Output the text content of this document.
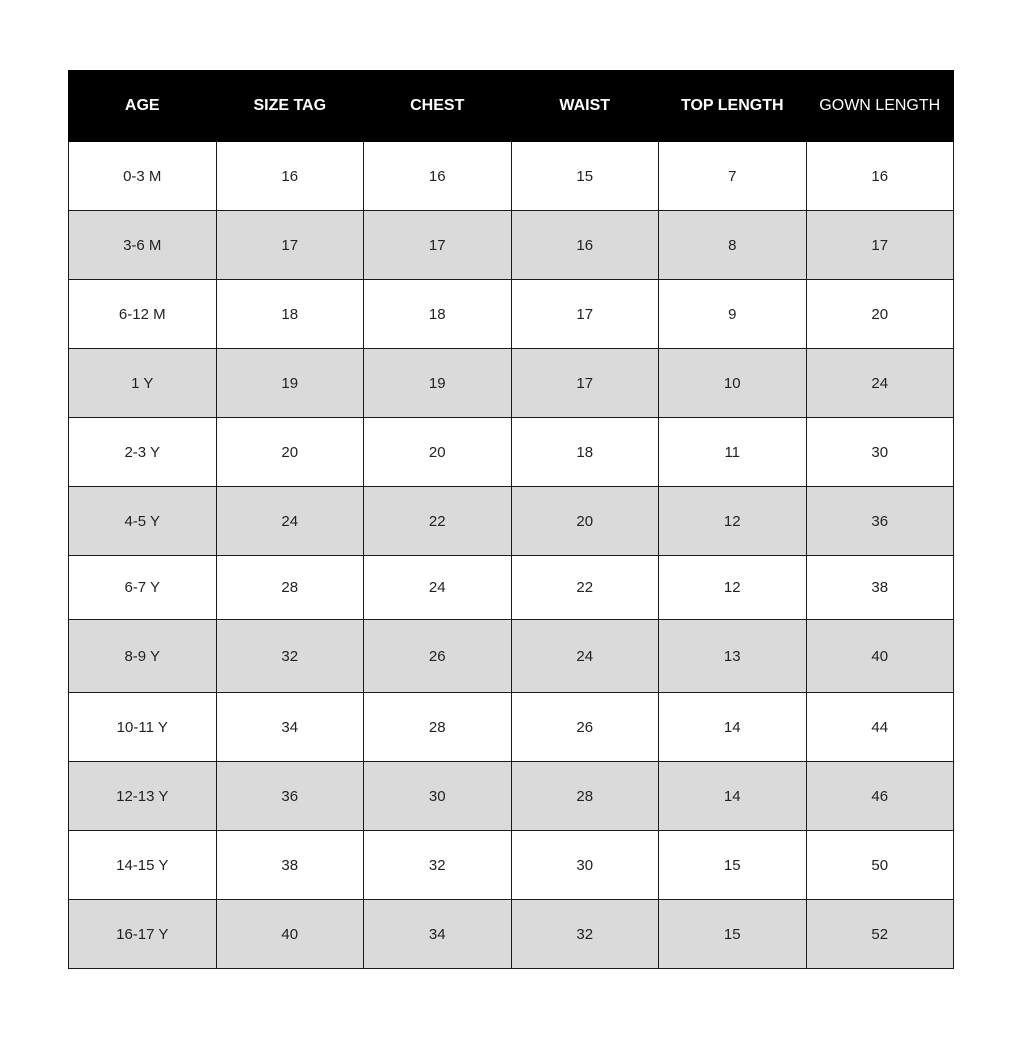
AGE	SIZE TAG	CHEST	WAIST	TOP LENGTH	GOWN LENGTH
0-3 M	16	16	15	7	16
3-6 M	17	17	16	8	17
6-12 M	18	18	17	9	20
1 Y	19	19	17	10	24
2-3 Y	20	20	18	11	30
4-5 Y	24	22	20	12	36
6-7 Y	28	24	22	12	38
8-9 Y	32	26	24	13	40
10-11 Y	34	28	26	14	44
12-13 Y	36	30	28	14	46
14-15 Y	38	32	30	15	50
16-17 Y	40	34	32	15	52
